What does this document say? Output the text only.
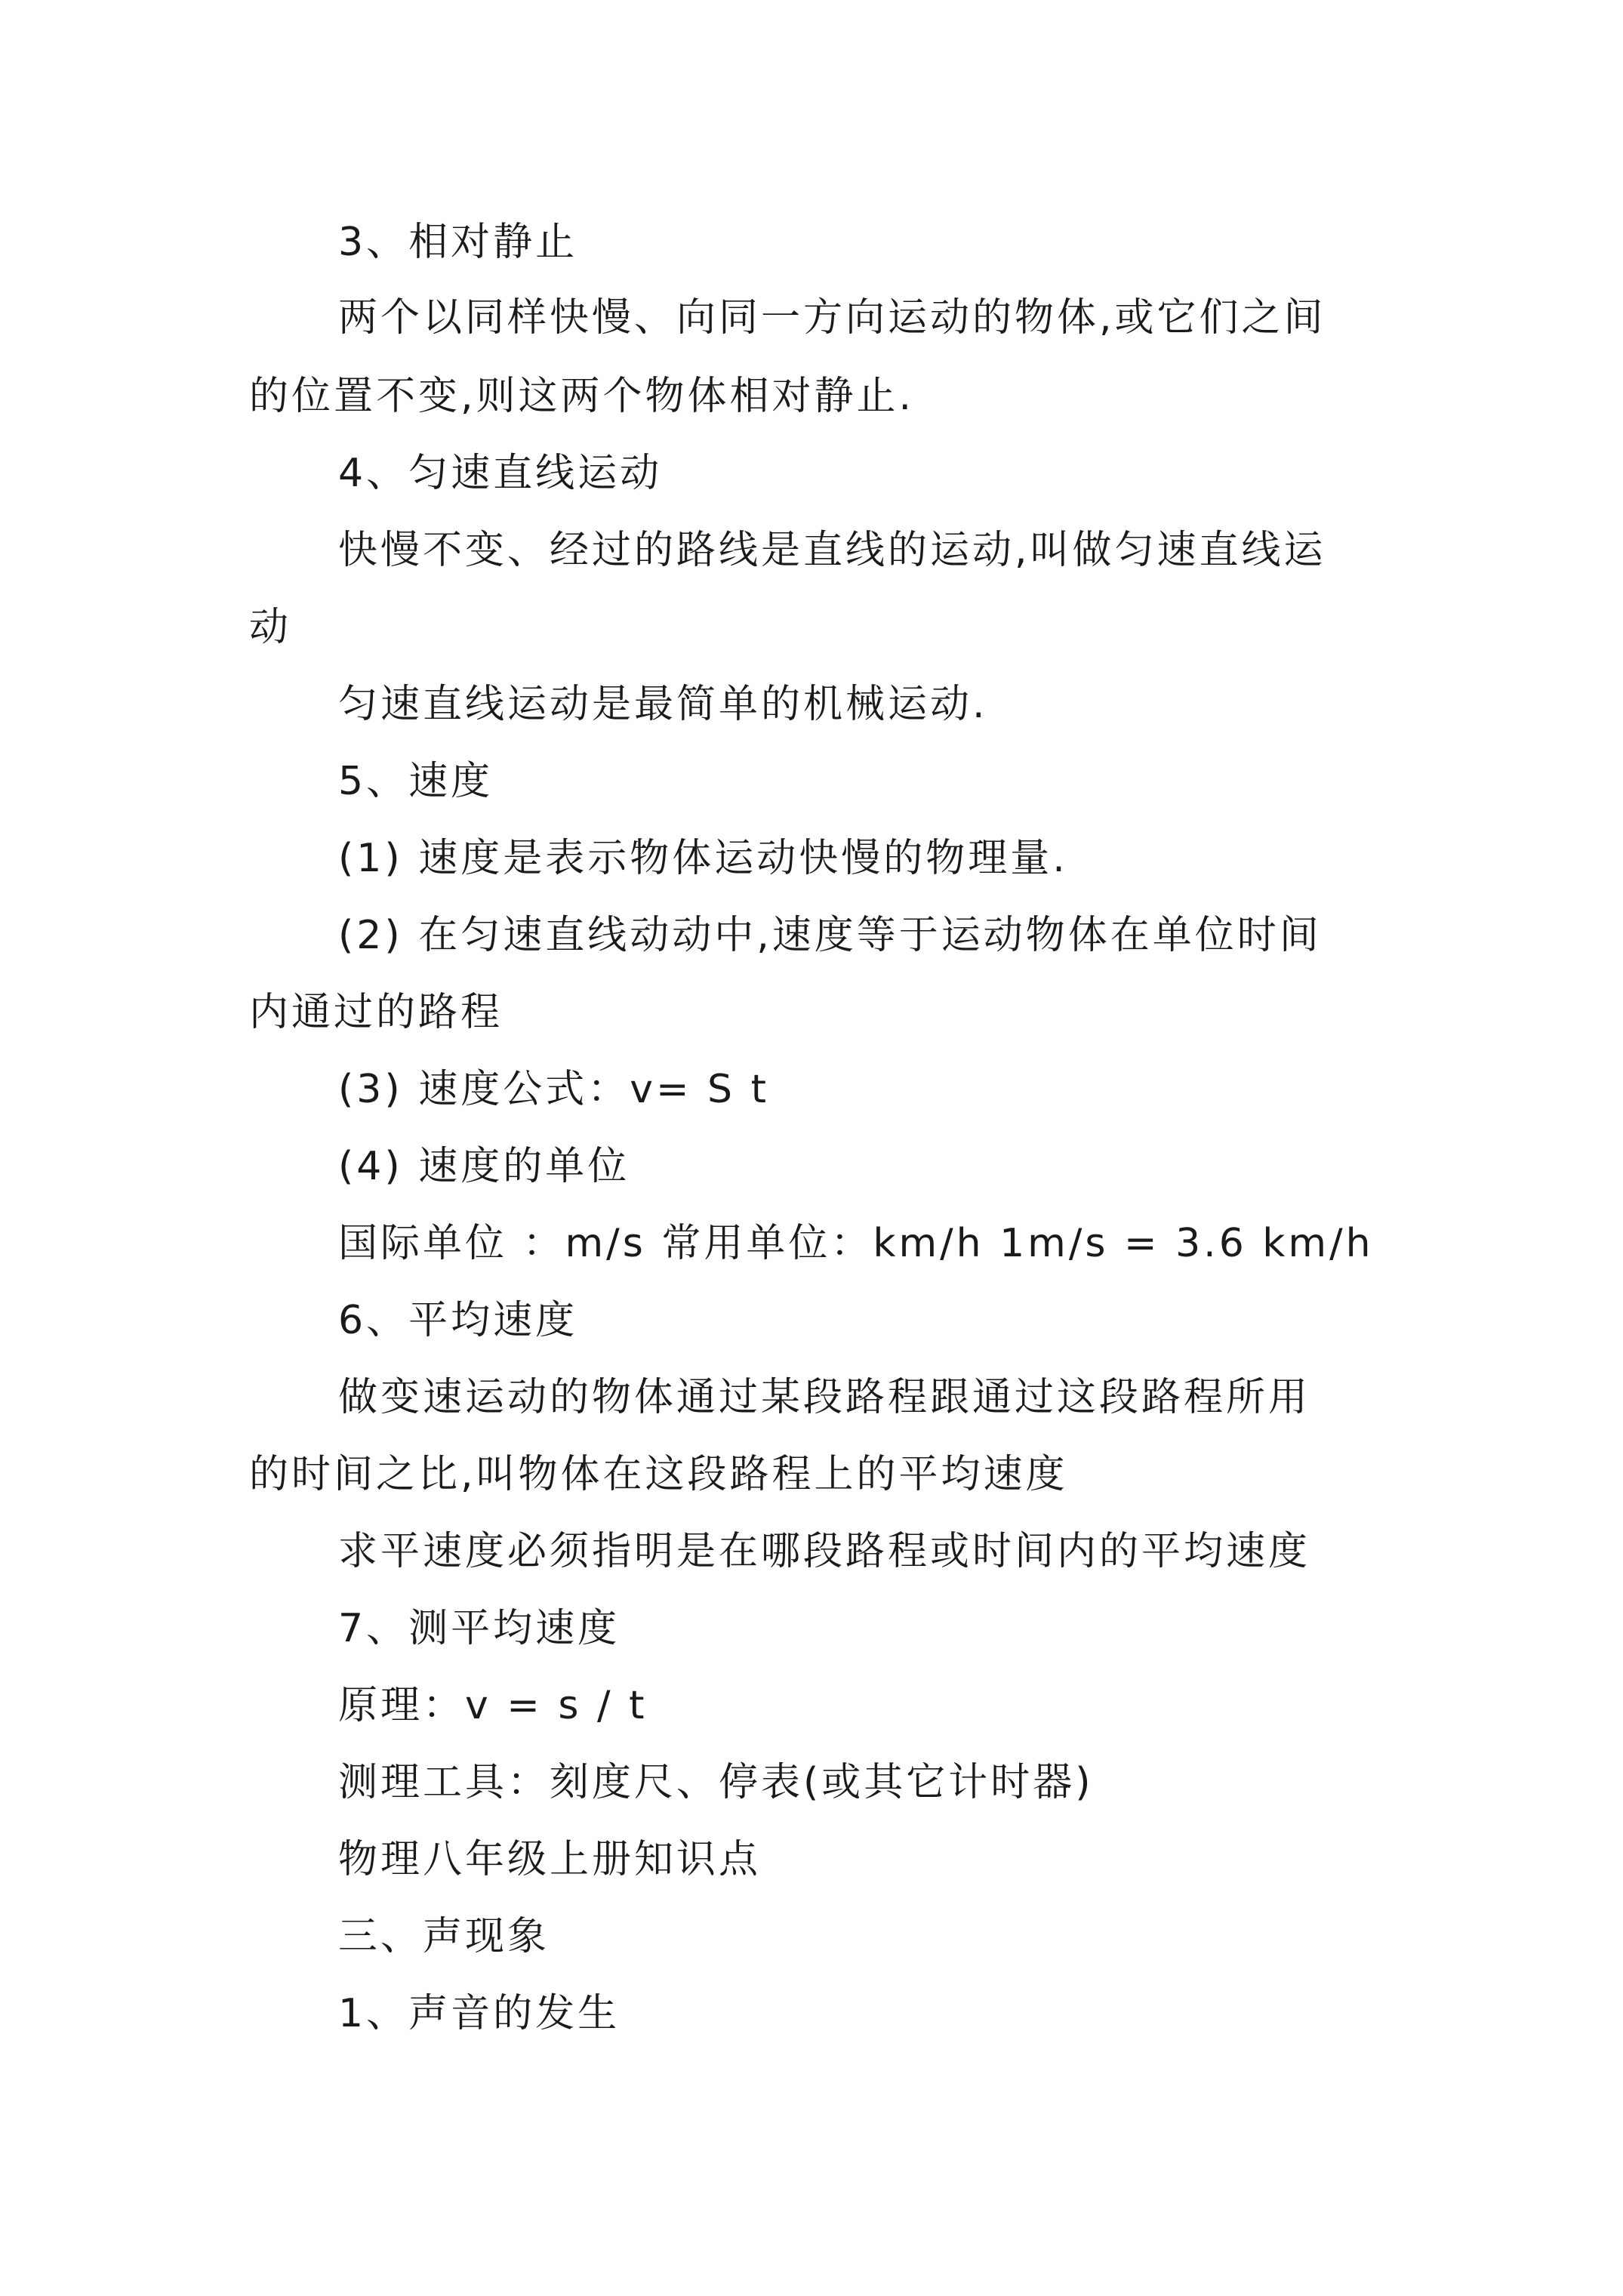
3、相对静止
两个以同样快慢、向同一方向运动的物体,或它们之间
的位置不变,则这两个物体相对静止.
4、匀速直线运动
快慢不变、经过的路线是直线的运动,叫做匀速直线运
动
匀速直线运动是最简单的机械运动.
5、速度
(1) 速度是表示物体运动快慢的物理量.
(2) 在匀速直线动动中,速度等于运动物体在单位时间
内通过的路程
(3) 速度公式：v= S t
(4) 速度的单位
国际单位 ：m/s 常用单位：km/h 1m/s = 3.6 km/h
6、平均速度
做变速运动的物体通过某段路程跟通过这段路程所用
的时间之比,叫物体在这段路程上的平均速度
求平速度必须指明是在哪段路程或时间内的平均速度
7、测平均速度
原理：v = s / t
测理工具：刻度尺、停表(或其它计时器)
物理八年级上册知识点
三、声现象
1、声音的发生
